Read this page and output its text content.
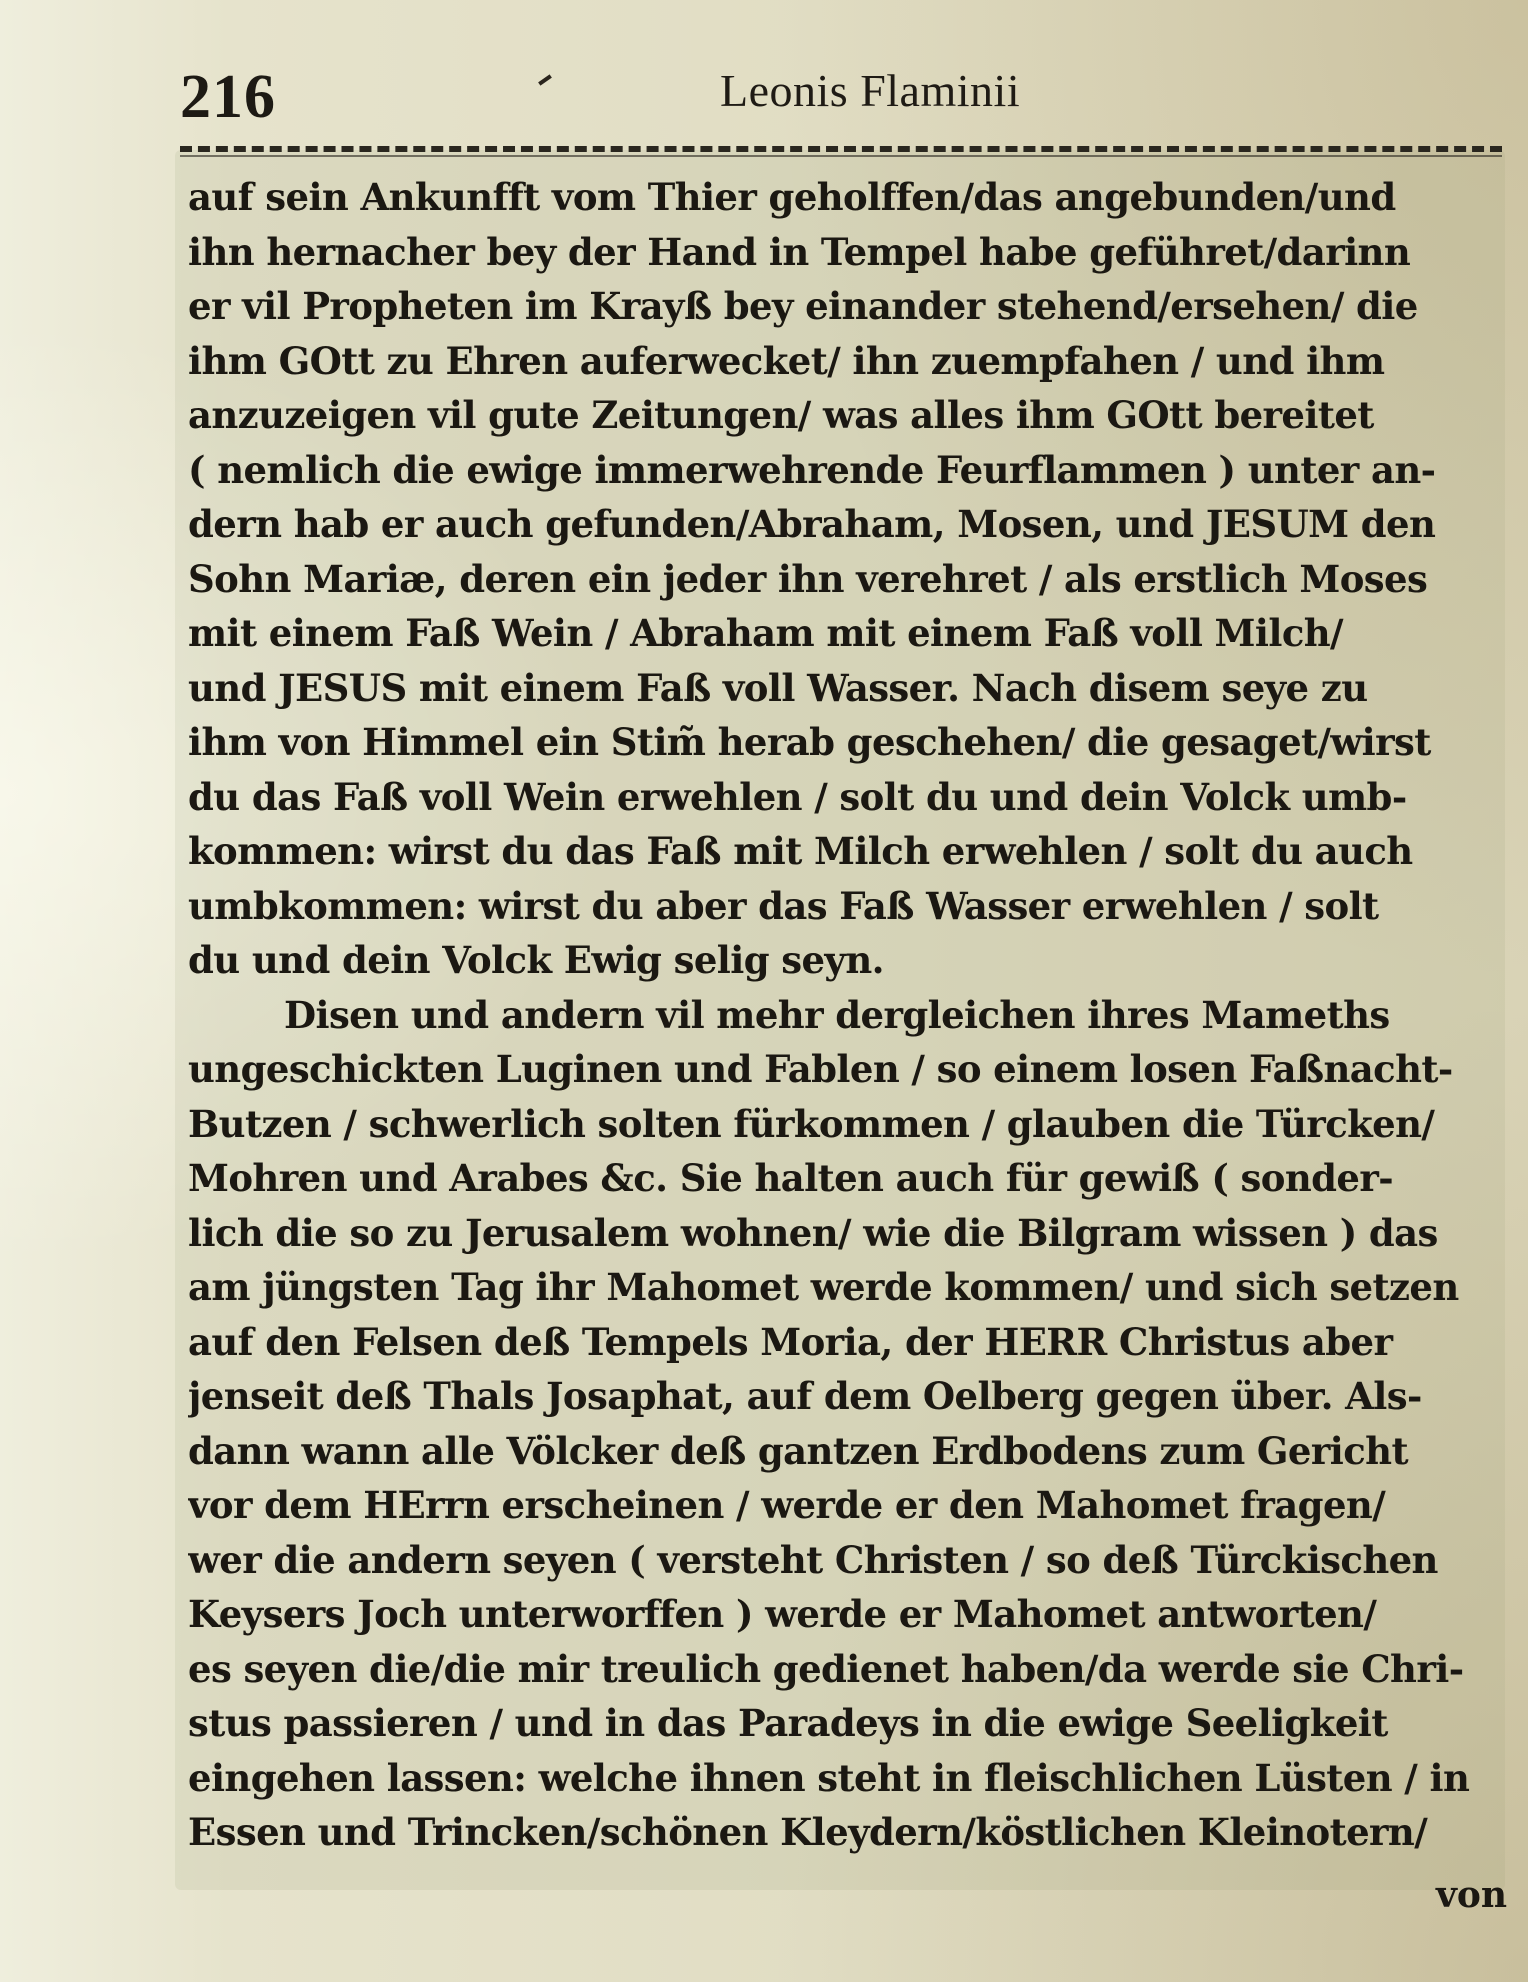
216	Leonis Flaminii
auf sein Ankunfft vom Thier geholffen/das angebunden/und
ihn hernacher bey der Hand in Tempel habe geführet/darinn
er vil Propheten im Krayß bey einander stehend/ersehen/ die
ihm GOtt zu Ehren auferwecket/ ihn zuempfahen / und ihm
anzuzeigen vil gute Zeitungen/ was alles ihm GOtt bereitet
( nemlich die ewige immerwehrende Feurflammen ) unter an-
dern hab er auch gefunden/Abraham, Mosen, und JESUM den
Sohn Mariæ, deren ein jeder ihn verehret / als erstlich Moses
mit einem Faß Wein / Abraham mit einem Faß voll Milch/
und JESUS mit einem Faß voll Wasser. Nach disem seye zu
ihm von Himmel ein Stim̃ herab geschehen/ die gesaget/wirst
du das Faß voll Wein erwehlen / solt du und dein Volck umb-
kommen: wirst du das Faß mit Milch erwehlen / solt du auch
umbkommen: wirst du aber das Faß Wasser erwehlen / solt
du und dein Volck Ewig selig seyn.
Disen und andern vil mehr dergleichen ihres Mameths
ungeschickten Luginen und Fablen / so einem losen Faßnacht-
Butzen / schwerlich solten fürkommen / glauben die Türcken/
Mohren und Arabes &c. Sie halten auch für gewiß ( sonder-
lich die so zu Jerusalem wohnen/ wie die Bilgram wissen ) das
am jüngsten Tag ihr Mahomet werde kommen/ und sich setzen
auf den Felsen deß Tempels Moria, der HERR Christus aber
jenseit deß Thals Josaphat, auf dem Oelberg gegen über. Als-
dann wann alle Völcker deß gantzen Erdbodens zum Gericht
vor dem HErrn erscheinen / werde er den Mahomet fragen/
wer die andern seyen ( versteht Christen / so deß Türckischen
Keysers Joch unterworffen ) werde er Mahomet antworten/
es seyen die/die mir treulich gedienet haben/da werde sie Chri-
stus passieren / und in das Paradeys in die ewige Seeligkeit
eingehen lassen: welche ihnen steht in fleischlichen Lüsten / in
Essen und Trincken/schönen Kleydern/köstlichen Kleinotern/
von
